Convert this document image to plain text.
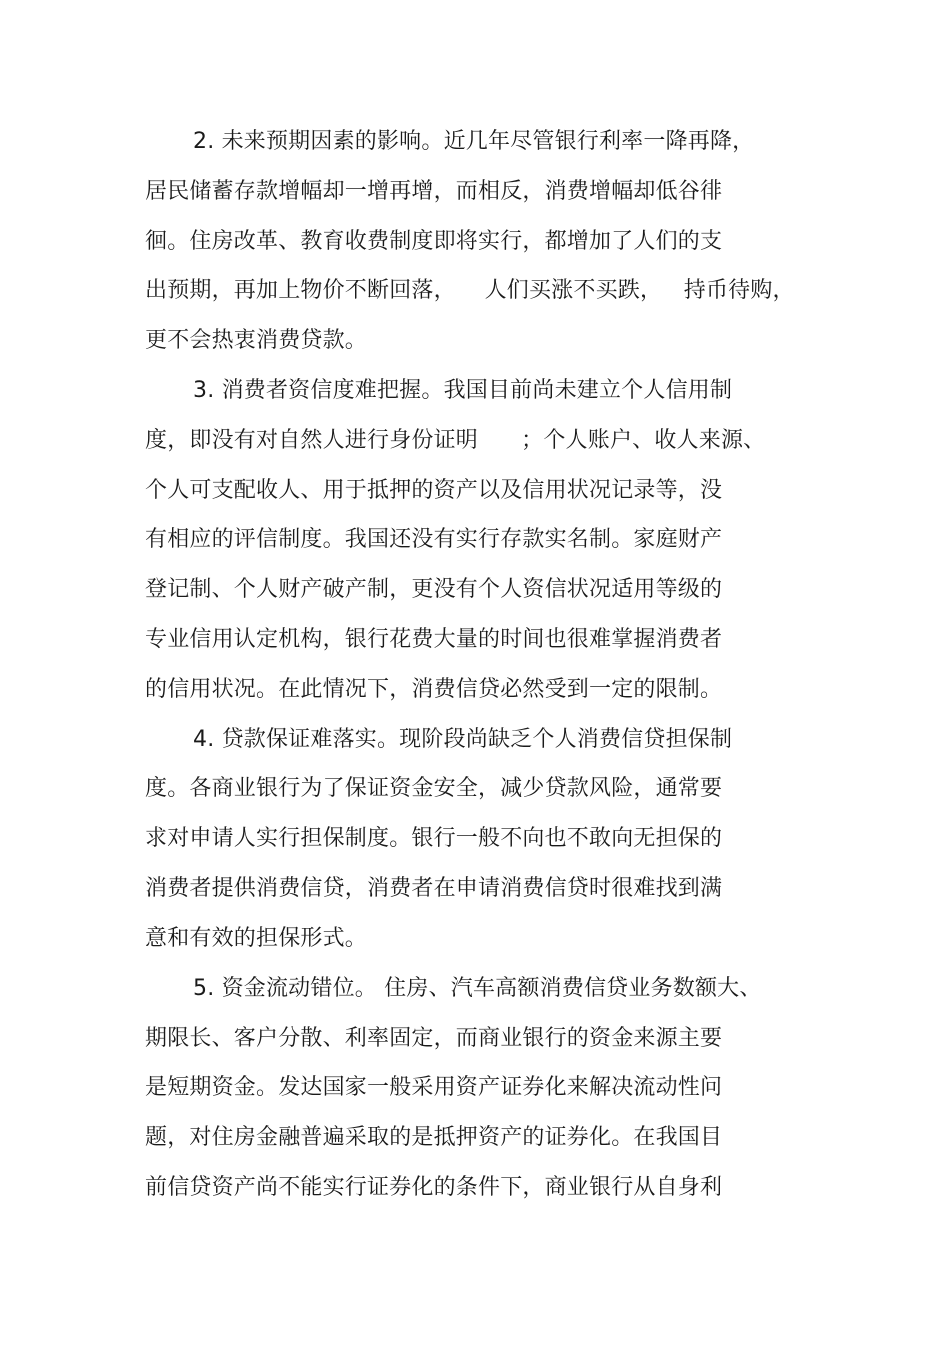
2. 未来预期因素的影响。近几年尽管银行利率一降再降，
居民储蓄存款增幅却一增再增，而相反，消费增幅却低谷徘
徊。住房改革、教育收费制度即将实行，都增加了人们的支
出预期，再加上物价不断回落，    人们买涨不买跌，   持币待购，
更不会热衷消费贷款。
3. 消费者资信度难把握。我国目前尚未建立个人信用制
度，即没有对自然人进行身份证明      ；个人账户、收人来源、
个人可支配收人、用于抵押的资产以及信用状况记录等，没
有相应的评信制度。我国还没有实行存款实名制。家庭财产
登记制、个人财产破产制，更没有个人资信状况适用等级的
专业信用认定机构，银行花费大量的时间也很难掌握消费者
的信用状况。在此情况下，消费信贷必然受到一定的限制。
4. 贷款保证难落实。现阶段尚缺乏个人消费信贷担保制
度。各商业银行为了保证资金安全，减少贷款风险，通常要
求对申请人实行担保制度。银行一般不向也不敢向无担保的
消费者提供消费信贷，消费者在申请消费信贷时很难找到满
意和有效的担保形式。
5. 资金流动错位。 住房、汽车高额消费信贷业务数额大、
期限长、客户分散、利率固定，而商业银行的资金来源主要
是短期资金。发达国家一般采用资产证券化来解决流动性问
题，对住房金融普遍采取的是抵押资产的证券化。在我国目
前信贷资产尚不能实行证券化的条件下，商业银行从自身利
